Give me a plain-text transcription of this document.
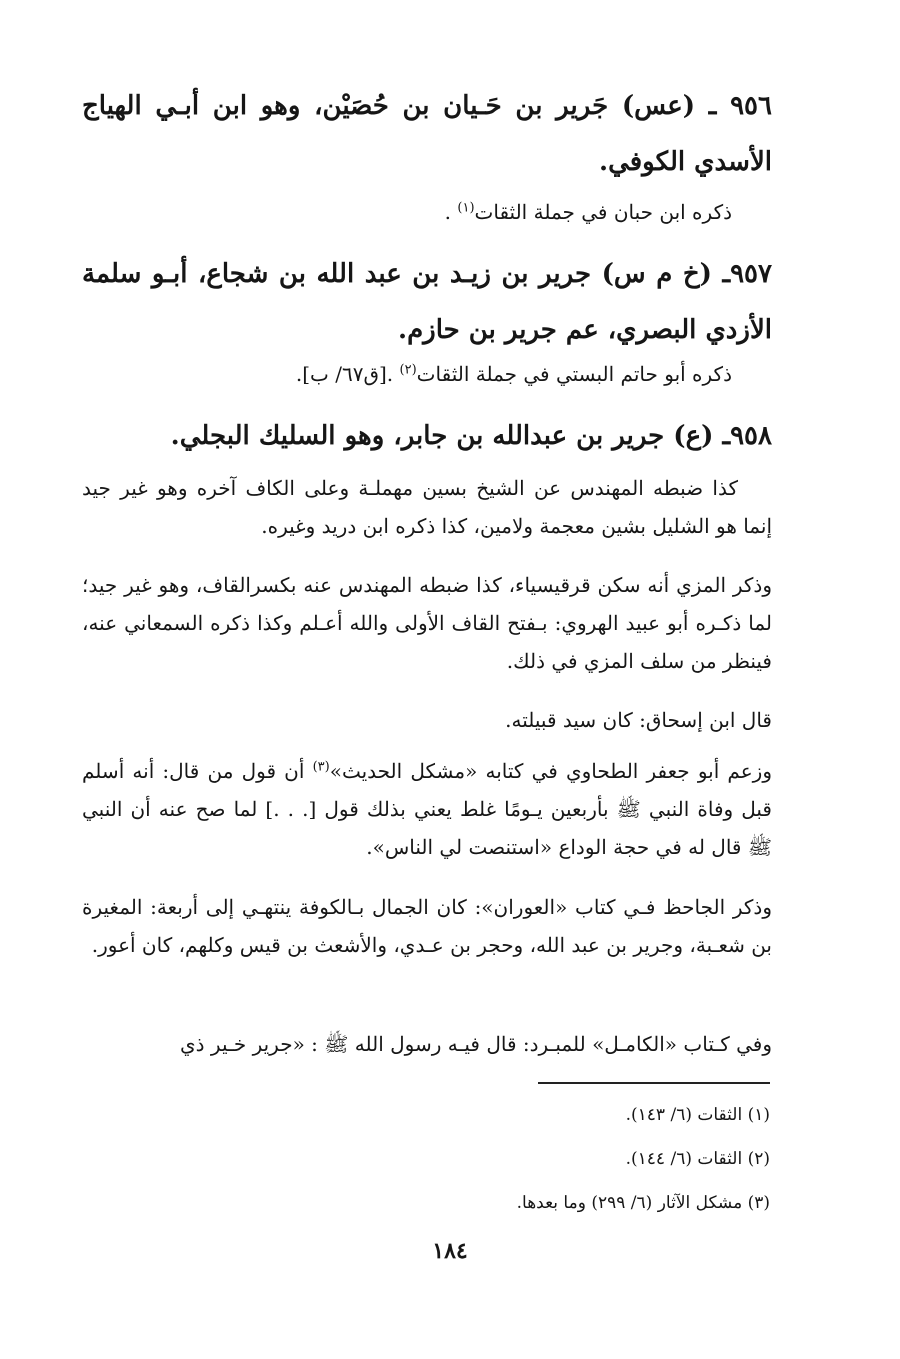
٩٥٦ ـ (عس) جَرير بن حَـيان بن حُصَيْن، وهو ابن أبـي الهياج الأسدي الكوفي.

ذكره ابن حبان في جملة الثقات$^{(١)}$ .

٩٥٧ـ (خ م س) جرير بن زيـد بن عبد الله بن شجاع، أبـو سلمة الأزدي البصري، عم جرير بن حازم.

ذكره أبو حاتم البستي في جملة الثقات$^{(٢)}$ .[ق٦٧/ ب].

٩٥٨ـ (ع) جرير بن عبدالله بن جابر، وهو السليك البجلي.

كذا ضبطه المهندس عن الشيخ بسين مهملـة وعلى الكاف آخره وهو غير جيد إنما هو الشليل بشين معجمة ولامين، كذا ذكره ابن دريد وغيره.

وذكر المزي أنه سكن قرقيسياء، كذا ضبطه المهندس عنه بكسرالقاف، وهو غير جيد؛ لما ذكـره أبو عبيد الهروي: بـفتح القاف الأولى والله أعـلم وكذا ذكره السمعاني عنه، فينظر من سلف المزي في ذلك.

قال ابن إسحاق: كان سيد قبيلته.

وزعم أبو جعفر الطحاوي في كتابه «مشكل الحديث»$^{(٣)}$ أن قول من قال: أنه أسلم قبل وفاة النبي ﷺ بأربعين يـومًا غلط يعني بذلك قول [. . .] لما صح عنه أن النبي ﷺ قال له في حجة الوداع «استنصت لي الناس».

وذكر الجاحظ فـي كتاب «العوران»: كان الجمال بـالكوفة ينتهـي إلى أربعة: المغيرة بن شعـبة، وجرير بن عبد الله، وحجر بن عـدي، والأشعث بن قيس وكلهم، كان أعور.

وفي كـتاب «الكامـل» للمبـرد: قال فيـه رسول الله ﷺ : «جرير خـير ذي

(١) الثقات (٦/ ١٤٣).
(٢) الثقات (٦/ ١٤٤).
(٣) مشكل الآثار (٦/ ٢٩٩) وما بعدها.
١٨٤
